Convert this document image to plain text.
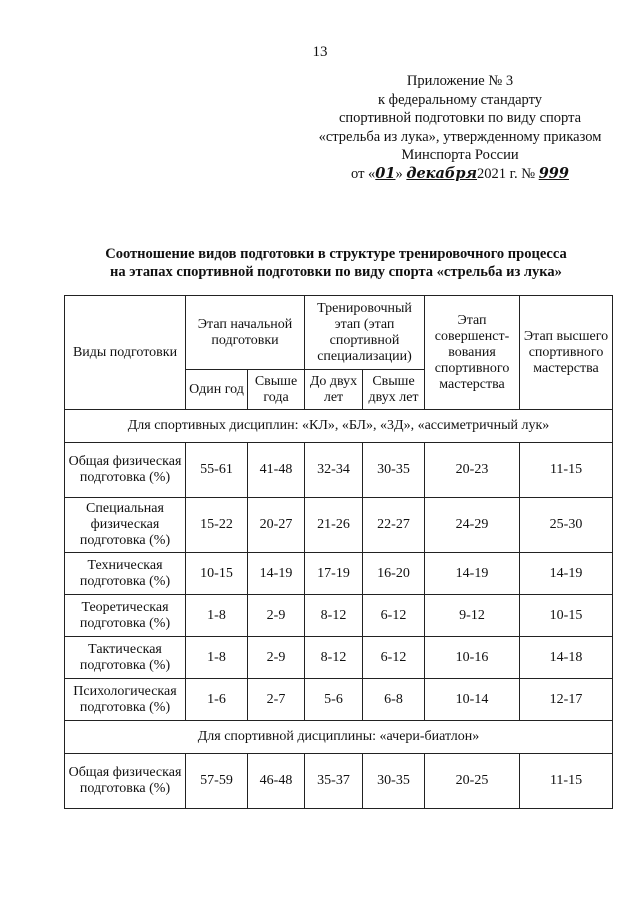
13
Приложение № 3
к федеральному стандарту
спортивной подготовки по виду спорта
«стрельба из лука», утвержденному приказом
Минспорта России
от «01» декабря2021 г. № 999
Соотношение видов подготовки в структуре тренировочного процесса
на этапах спортивной подготовки по виду спорта «стрельба из лука»
Виды подготовки	Этап начальной подготовки		Тренировочный этап (этап спортивной специализации)		Этап совершенст-вования спортивного мастерства	Этап высшего спортивного мастерства
	Один год	Свыше года	До двух лет	Свыше двух лет		
Для спортивных дисциплин: «КЛ», «БЛ», «3Д», «ассиметричный лук»						
Общая физическая подготовка (%)	55-61	41-48	32-34	30-35	20-23	11-15
Специальная физическая подготовка (%)	15-22	20-27	21-26	22-27	24-29	25-30
Техническая подготовка (%)	10-15	14-19	17-19	16-20	14-19	14-19
Теоретическая подготовка (%)	1-8	2-9	8-12	6-12	9-12	10-15
Тактическая подготовка (%)	1-8	2-9	8-12	6-12	10-16	14-18
Психологическая подготовка (%)	1-6	2-7	5-6	6-8	10-14	12-17
Для спортивной дисциплины: «ачери-биатлон»						
Общая физическая подготовка (%)	57-59	46-48	35-37	30-35	20-25	11-15
